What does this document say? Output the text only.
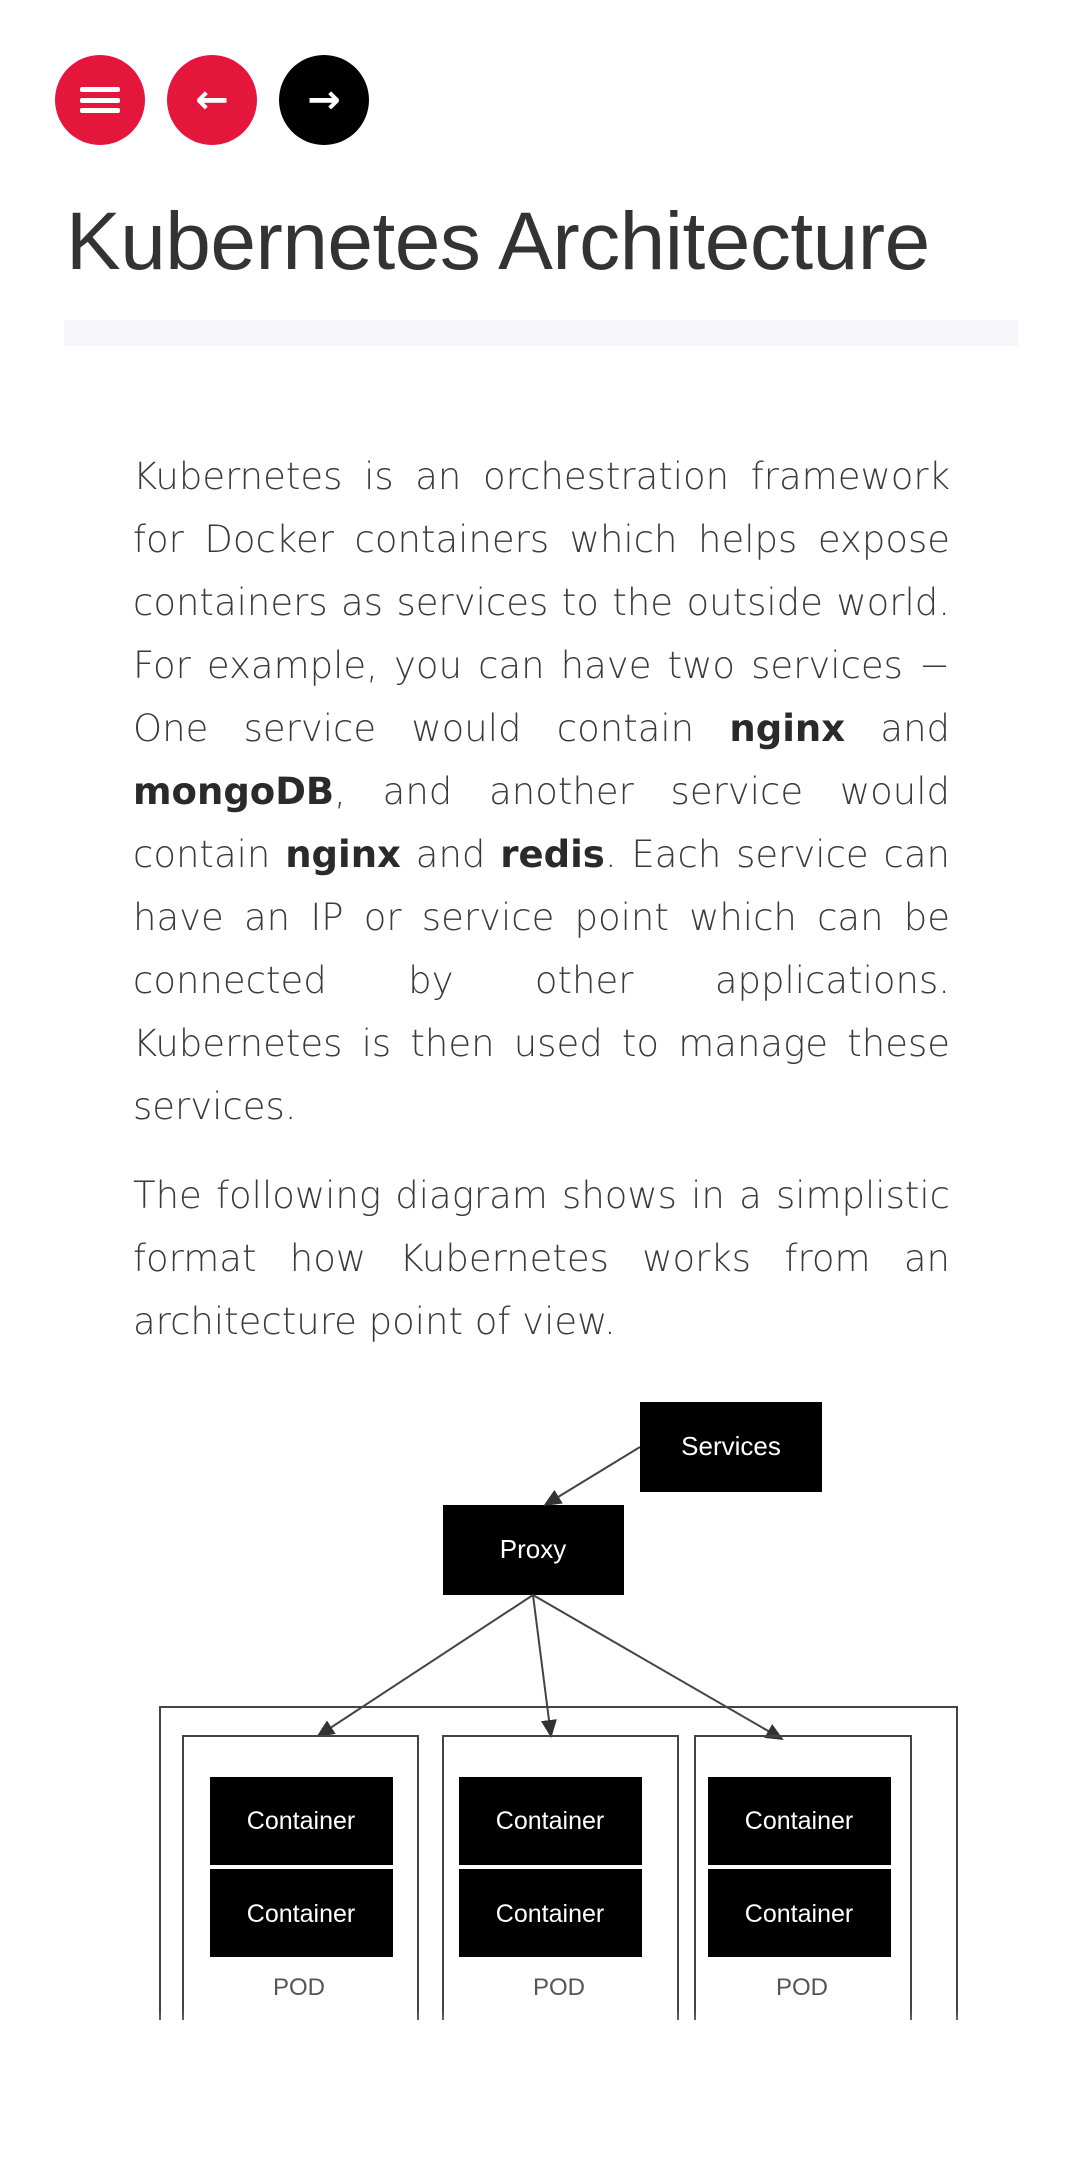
← →
Kubernetes Architecture

Kubernetes is an orchestration framework for Docker containers which helps expose containers as services to the outside world. For example, you can have two services − One service would contain nginx and mongoDB, and another service would contain nginx and redis. Each service can have an IP or service point which can be connected by other applications. Kubernetes is then used to manage these services.

The following diagram shows in a simplistic format how Kubernetes works from an architecture point of view.

Services
Proxy
Container
Container
POD
Container
Container
POD
Container
Container
POD
